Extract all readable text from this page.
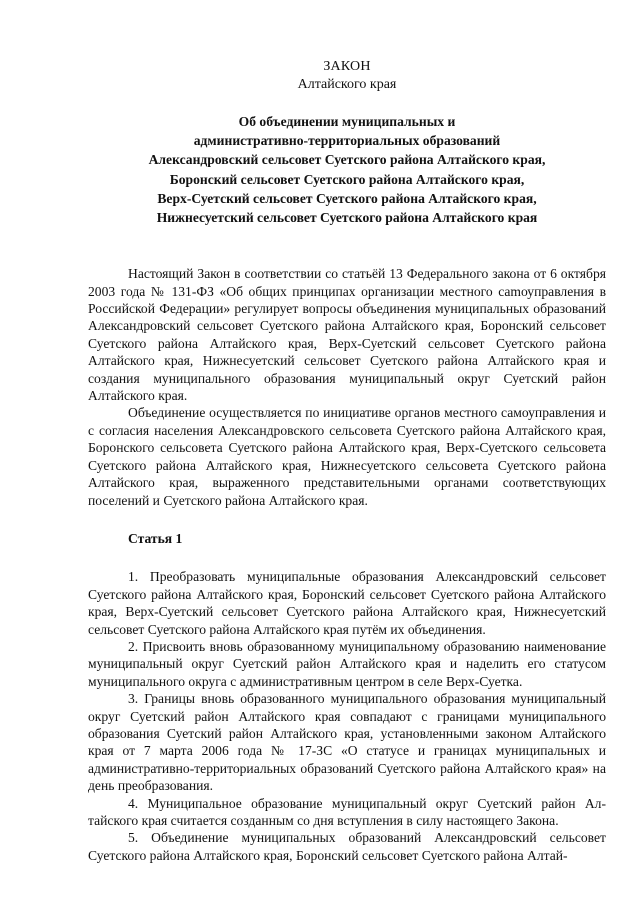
ЗАКОН
Алтайского края
Об объединении муниципальных и
административно-территориальных образований
Александровский сельсовет Суетского района Алтайского края,
Боронский сельсовет Суетского района Алтайского края,
Верх-Суетский сельсовет Суетского района Алтайского края,
Нижнесуетский сельсовет Суетского района Алтайского края

Настоящий Закон в соответствии со статьёй 13 Федерального закона от 6 октября 2003 года № 131-ФЗ «Об общих принципах организации местного саmоуправления в Российской Федерации» регулирует вопросы объединения муниципальных образований Александровский сельсовет Суетского района Алтайского края, Боронский сельсовет Суетского района Алтайского края, Верх-Суетский сельсовет Суетского района Алтайского края, Нижнесуетский сельсовет Суетского района Алтайского края и создания муниципального образования муниципальный округ Суетский район Алтайского края.

Объединение осуществляется по инициативе органов местного самоуправления и с согласия населения Александровского сельсовета Суетского района Алтайского края, Боронского сельсовета Суетского района Алтайского края, Верх-Суетского сельсовета Суетского района Алтайского края, Нижнесуетского сельсовета Суетского района Алтайского края, выраженного представительными органами соответствующих поселений и Суетского района Алтайского края.

Статья 1

1. Преобразовать муниципальные образования Александровский сельсовет Суетского района Алтайского края, Боронский сельсовет Суетского района Алтайского края, Верх-Суетский сельсовет Суетского района Алтайского края, Нижнесуетский сельсовет Суетского района Алтайского края путём их объединения.

2. Присвоить вновь образованному муниципальному образованию наименование муниципальный округ Суетский район Алтайского края и наделить его статусом муниципального округа с административным центром в селе Верх-Суетка.

3. Границы вновь образованного муниципального образования муниципальный округ Суетский район Алтайского края совпадают с границами муниципального образования Суетский район Алтайского края, установленными законом Алтайского края от 7 марта 2006 года № 17-ЗС «О статусе и границах муниципальных и административно-территориальных образований Суетского района Алтайского края» на день преобразования.

4. Муниципальное образование муниципальный округ Суетский район Алтайского края считается созданным со дня вступления в силу настоящего Закона.

5. Объединение муниципальных образований Александровский сельсовет Суетского района Алтайского края, Боронский сельсовет Суетского района Алтай-
